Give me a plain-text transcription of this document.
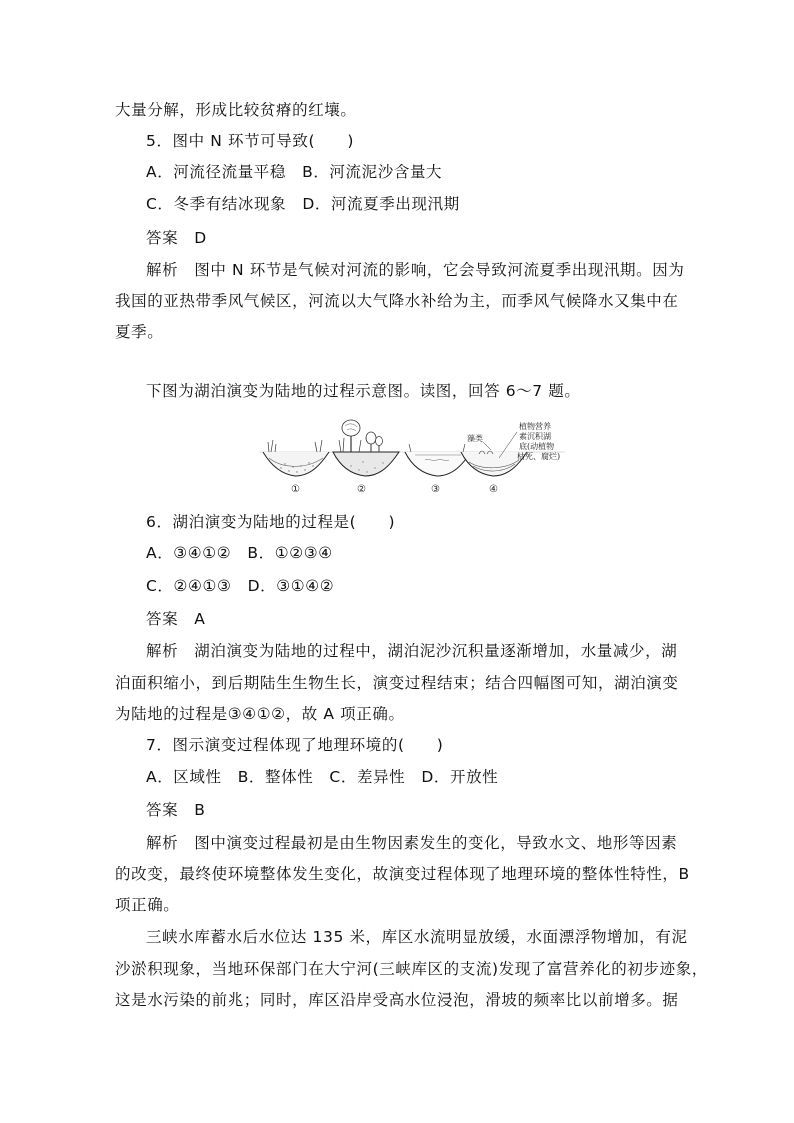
大量分解，形成比较贫瘠的红壤。
5．图中 N 环节可导致(　　)
A．河流径流量平稳　B．河流泥沙含量大
C．冬季有结冰现象　D．河流夏季出现汛期
答案　D
解析　图中 N 环节是气候对河流的影响，它会导致河流夏季出现汛期。因为
我国的亚热带季风气候区，河流以大气降水补给为主，而季风气候降水又集中在
夏季。
下图为湖泊演变为陆地的过程示意图。读图，回答 6～7 题。
藻类
植物营养
素沉积湖
底(动植物
枯死、腐烂)
①	②	③	④
6．湖泊演变为陆地的过程是(　　)
A．③④①②　B．①②③④
C．②④①③　D．③①④②
答案　A
解析　湖泊演变为陆地的过程中，湖泊泥沙沉积量逐渐增加，水量减少，湖
泊面积缩小，到后期陆生生物生长，演变过程结束；结合四幅图可知，湖泊演变
为陆地的过程是③④①②，故 A 项正确。
7．图示演变过程体现了地理环境的(　　)
A．区域性　B．整体性　C．差异性　D．开放性
答案　B
解析　图中演变过程最初是由生物因素发生的变化，导致水文、地形等因素
的改变，最终使环境整体发生变化，故演变过程体现了地理环境的整体性特性，B
项正确。
三峡水库蓄水后水位达 135 米，库区水流明显放缓，水面漂浮物增加，有泥
沙淤积现象，当地环保部门在大宁河(三峡库区的支流)发现了富营养化的初步迹象，
这是水污染的前兆；同时，库区沿岸受高水位浸泡，滑坡的频率比以前增多。据
